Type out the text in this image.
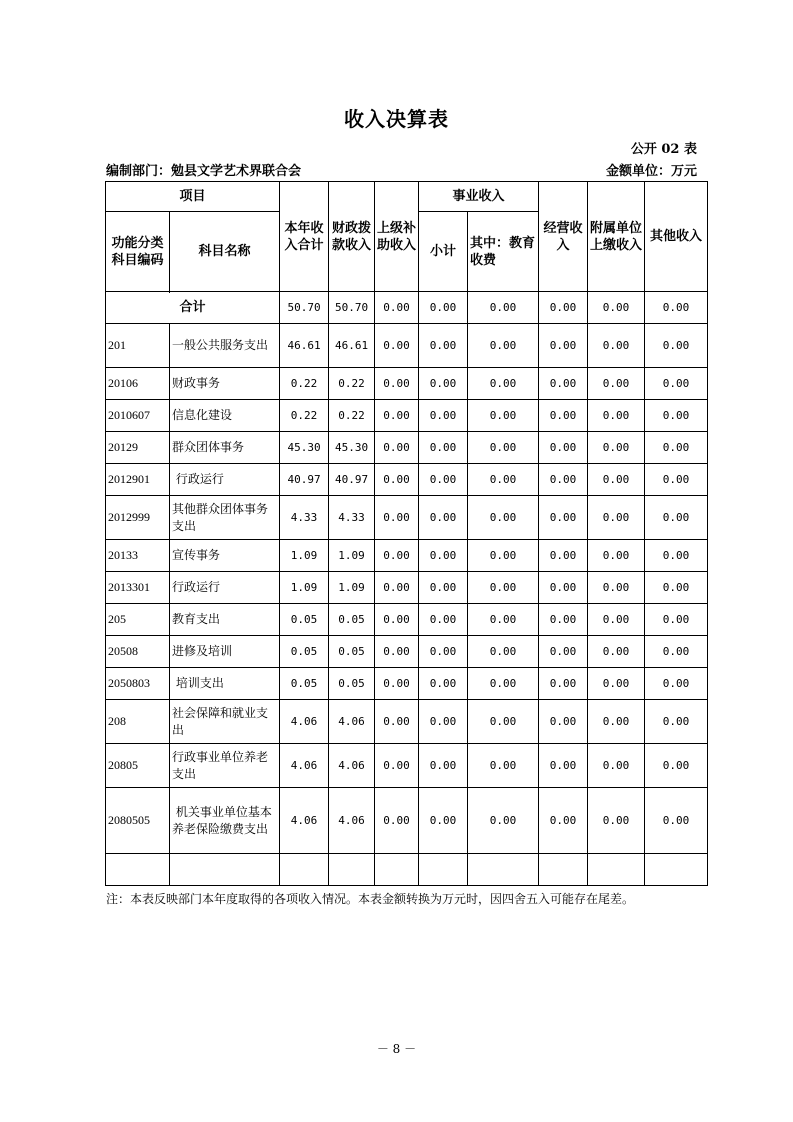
收入决算表
公开 02 表
编制部门：勉县文学艺术界联合会	金额单位：万元
项目		本年收入合计	财政拨款收入	上级补助收入	事业收入		经营收入	附属单位上缴收入	其他收入
功能分类科目编码	科目名称				小计	其中：教育收费			

合计		50.70	50.70	0.00	0.00	0.00	0.00	0.00	0.00
201	一般公共服务支出	46.61	46.61	0.00	0.00	0.00	0.00	0.00	0.00
20106	财政事务	0.22	0.22	0.00	0.00	0.00	0.00	0.00	0.00
2010607	信息化建设	0.22	0.22	0.00	0.00	0.00	0.00	0.00	0.00
20129	群众团体事务	45.30	45.30	0.00	0.00	0.00	0.00	0.00	0.00
2012901	行政运行	40.97	40.97	0.00	0.00	0.00	0.00	0.00	0.00
2012999	其他群众团体事务支出	4.33	4.33	0.00	0.00	0.00	0.00	0.00	0.00
20133	宣传事务	1.09	1.09	0.00	0.00	0.00	0.00	0.00	0.00
2013301	行政运行	1.09	1.09	0.00	0.00	0.00	0.00	0.00	0.00
205	教育支出	0.05	0.05	0.00	0.00	0.00	0.00	0.00	0.00
20508	进修及培训	0.05	0.05	0.00	0.00	0.00	0.00	0.00	0.00
2050803	培训支出	0.05	0.05	0.00	0.00	0.00	0.00	0.00	0.00
208	社会保障和就业支出	4.06	4.06	0.00	0.00	0.00	0.00	0.00	0.00
20805	行政事业单位养老支出	4.06	4.06	0.00	0.00	0.00	0.00	0.00	0.00
2080505	机关事业单位基本养老保险缴费支出	4.06	4.06	0.00	0.00	0.00	0.00	0.00	0.00

注：本表反映部门本年度取得的各项收入情况。本表金额转换为万元时，因四舍五入可能存在尾差。
－ 8 －
